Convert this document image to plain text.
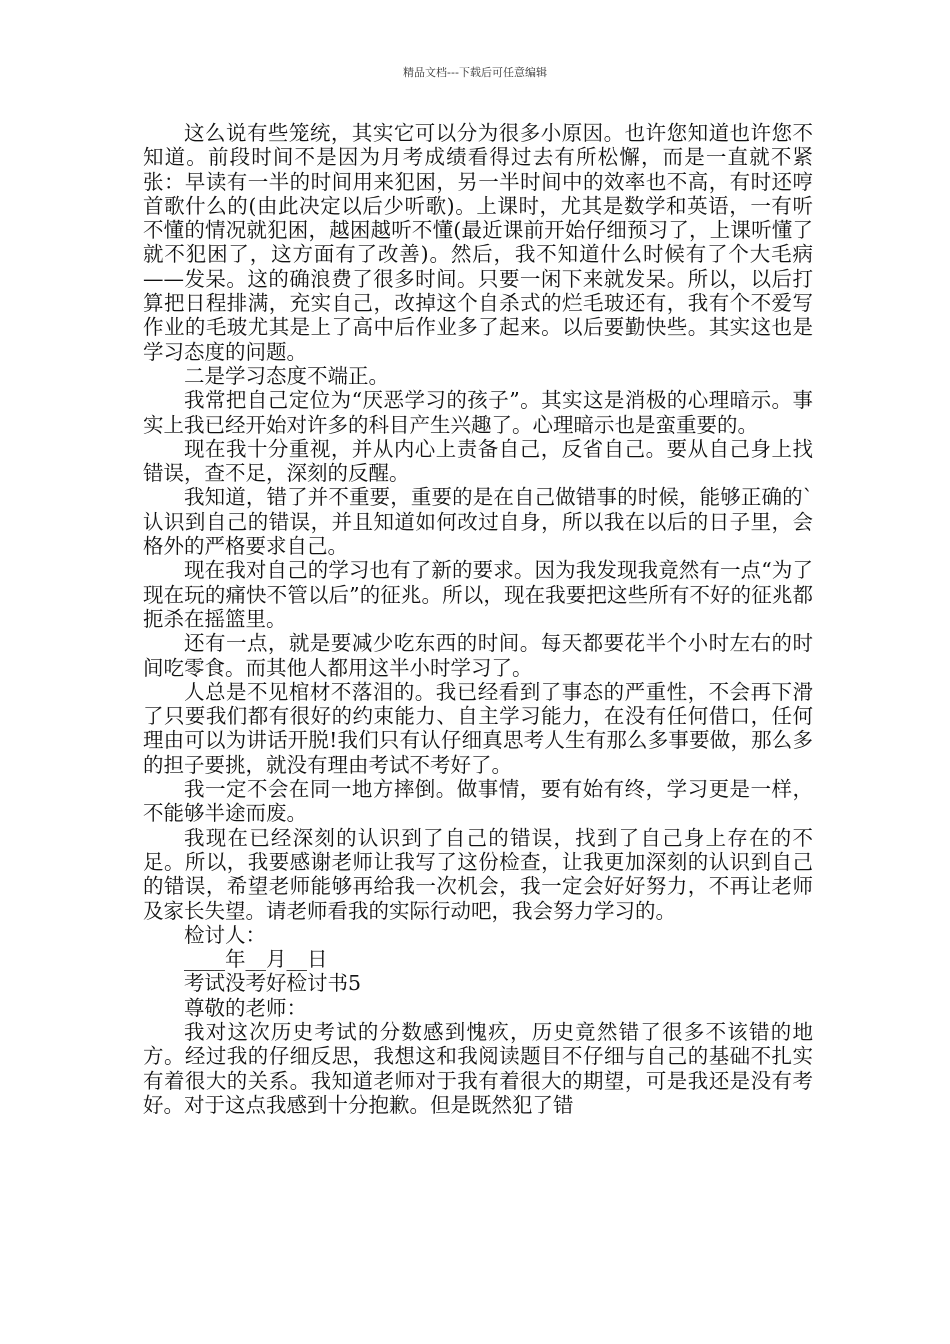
精品文档---下载后可任意编辑

这么说有些笼统，其实它可以分为很多小原因。也许您知道也许您不知道。前段时间不是因为月考成绩看得过去有所松懈，而是一直就不紧张：早读有一半的时间用来犯困，另一半时间中的效率也不高，有时还哼首歌什么的(由此决定以后少听歌)。上课时，尤其是数学和英语，一有听不懂的情况就犯困，越困越听不懂(最近课前开始仔细预习了，上课听懂了就不犯困了，这方面有了改善)。然后，我不知道什么时候有了个大毛病——发呆。这的确浪费了很多时间。只要一闲下来就发呆。所以，以后打算把日程排满，充实自己，改掉这个自杀式的烂毛玻还有，我有个不爱写作业的毛玻尤其是上了高中后作业多了起来。以后要勤快些。其实这也是学习态度的问题。

二是学习态度不端正。

我常把自己定位为“厌恶学习的孩子”。其实这是消极的心理暗示。事实上我已经开始对许多的科目产生兴趣了。心理暗示也是蛮重要的。

现在我十分重视，并从内心上责备自己，反省自己。要从自己身上找错误，查不足，深刻的反醒。

我知道，错了并不重要，重要的是在自己做错事的时候，能够正确的`认识到自己的错误，并且知道如何改过自身，所以我在以后的日子里，会格外的严格要求自己。

现在我对自己的学习也有了新的要求。因为我发现我竟然有一点“为了现在玩的痛快不管以后”的征兆。所以，现在我要把这些所有不好的征兆都扼杀在摇篮里。

还有一点，就是要减少吃东西的时间。每天都要花半个小时左右的时间吃零食。而其他人都用这半小时学习了。

人总是不见棺材不落泪的。我已经看到了事态的严重性，不会再下滑了只要我们都有很好的约束能力、自主学习能力，在没有任何借口，任何理由可以为讲话开脱!我们只有认仔细真思考人生有那么多事要做，那么多的担子要挑，就没有理由考试不考好了。

我一定不会在同一地方摔倒。做事情，要有始有终，学习更是一样，不能够半途而废。

我现在已经深刻的认识到了自己的错误，找到了自己身上存在的不足。所以，我要感谢老师让我写了这份检查，让我更加深刻的认识到自己的错误，希望老师能够再给我一次机会，我一定会好好努力，不再让老师及家长失望。请老师看我的实际行动吧，我会努力学习的。

检讨人：

____年__月__日

考试没考好检讨书5

尊敬的老师：

我对这次历史考试的分数感到愧疚，历史竟然错了很多不该错的地方。经过我的仔细反思，我想这和我阅读题目不仔细与自己的基础不扎实有着很大的关系。我知道老师对于我有着很大的期望，可是我还是没有考好。对于这点我感到十分抱歉。但是既然犯了错
